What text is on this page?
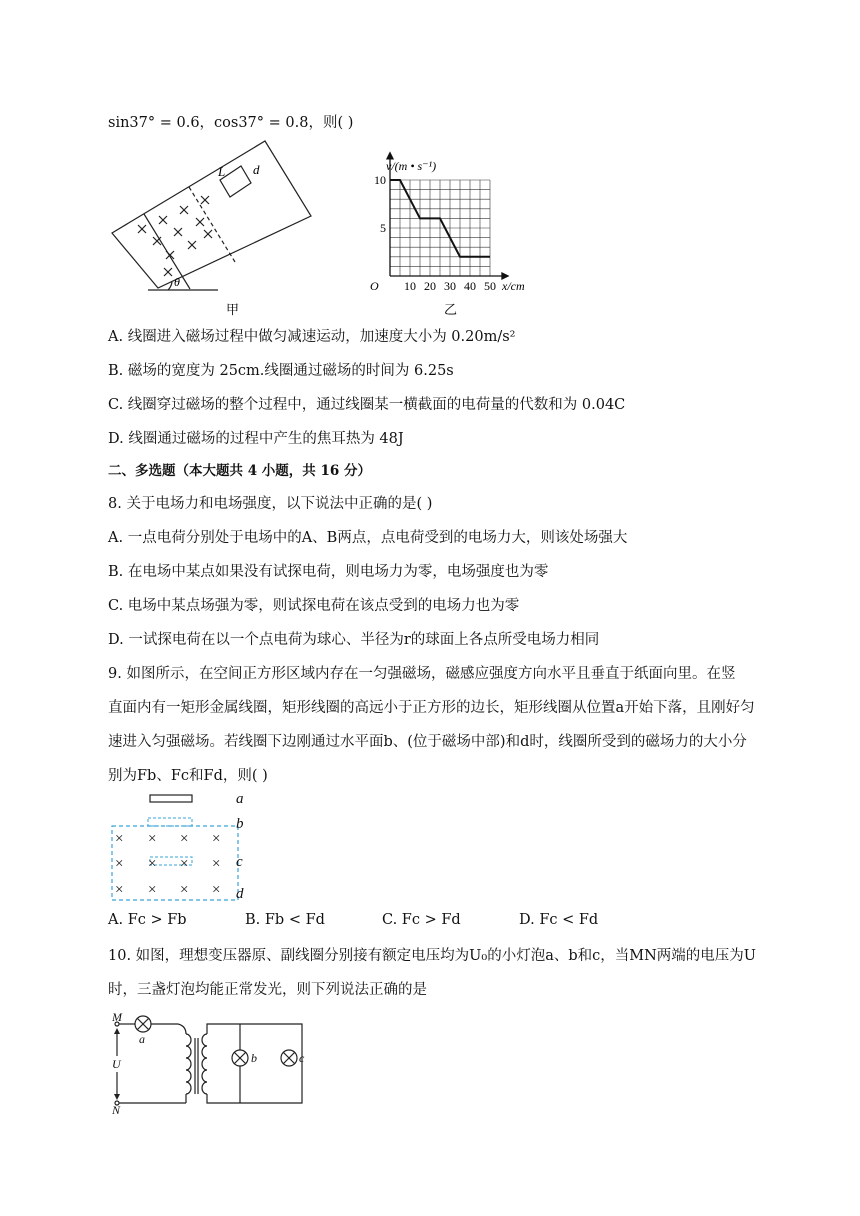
sin37° = 0.6，cos37° = 0.8，则( )
L d
θ
甲
10
5
10 20 30 40 50
v/(m • s⁻¹)
x/cm
O
乙
A. 线圈进入磁场过程中做匀减速运动，加速度大小为 0.20m/s²
B. 磁场的宽度为 25cm.线圈通过磁场的时间为 6.25s
C. 线圈穿过磁场的整个过程中，通过线圈某一横截面的电荷量的代数和为 0.04C
D. 线圈通过磁场的过程中产生的焦耳热为 48J
二、多选题（本大题共 4 小题，共 16 分）
8. 关于电场力和电场强度，以下说法中正确的是( )
A. 一点电荷分别处于电场中的A、B两点，点电荷受到的电场力大，则该处场强大
B. 在电场中某点如果没有试探电荷，则电场力为零，电场强度也为零
C. 电场中某点场强为零，则试探电荷在该点受到的电场力也为零
D. 一试探电荷在以一个点电荷为球心、半径为r的球面上各点所受电场力相同
9. 如图所示，在空间正方形区域内存在一匀强磁场，磁感应强度方向水平且垂直于纸面向里。在竖
直面内有一矩形金属线圈，矩形线圈的高远小于正方形的边长，矩形线圈从位置a开始下落，且刚好匀
速进入匀强磁场。若线圈下边刚通过水平面b、(位于磁场中部)和d时，线圈所受到的磁场力的大小分
别为Fb、Fc和Fd，则( )
× × × ×
× × × ×
× × × ×
a
b
c
d
A. Fc > Fb	B. Fb < Fd	C. Fc > Fd	D. Fc < Fd
10. 如图，理想变压器原、副线圈分别接有额定电压均为U₀的小灯泡a、b和c，当MN两端的电压为U
时，三盏灯泡均能正常发光，则下列说法正确的是
M
N
U
a
b	c
